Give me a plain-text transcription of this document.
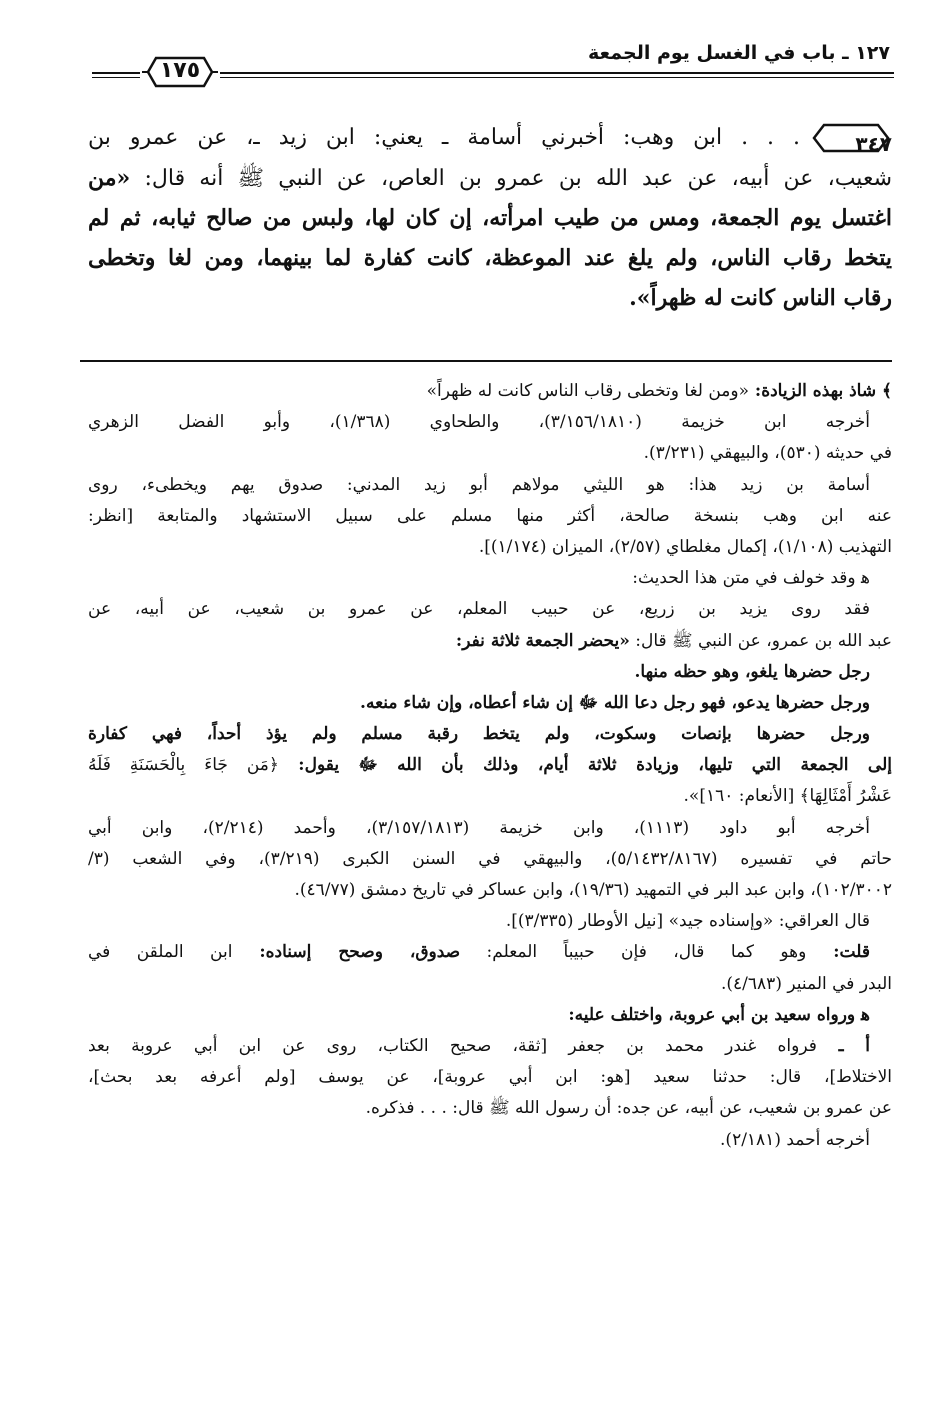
١٢٧ ـ باب في الغسل يوم الجمعة
١٧٥
٣٤٧
. . . ابن وهب: أخبرني أسامة ـ يعني: ابن زيد ـ، عن عمرو بن
شعيب، عن أبيه، عن عبد الله بن عمرو بن العاص، عن النبي ﷺ أنه قال: «من
اغتسل يوم الجمعة، ومس من طيب امرأته، إن كان لها، ولبس من صالح ثيابه، ثم لم
يتخط رقاب الناس، ولم يلغ عند الموعظة، كانت كفارة لما بينهما، ومن لغا وتخطى
رقاب الناس كانت له ظهراً».
﴾ شاذ بهذه الزيادة: «ومن لغا وتخطى رقاب الناس كانت له ظهراً»
أخرجه ابن خزيمة (٣/١٥٦/١٨١٠)، والطحاوي (١/٣٦٨)، وأبو الفضل الزهري
في حديثه (٥٣٠)، والبيهقي (٣/٢٣١).
أسامة بن زيد هذا: هو الليثي مولاهم أبو زيد المدني: صدوق يهم ويخطىء، روى
عنه ابن وهب بنسخة صالحة، أكثر منها مسلم على سبيل الاستشهاد والمتابعة [انظر:
التهذيب (١/١٠٨)، إكمال مغلطاي (٢/٥٧)، الميزان (١/١٧٤)].
ﻫ وقد خولف في متن هذا الحديث:
فقد روى يزيد بن زريع، عن حبيب المعلم، عن عمرو بن شعيب، عن أبيه، عن
عبد الله بن عمرو، عن النبي ﷺ قال: «يحضر الجمعة ثلاثة نفر:
رجل حضرها يلغو، وهو حظه منها.
ورجل حضرها يدعو، فهو رجل دعا الله ﷻ إن شاء أعطاه، وإن شاء منعه.
ورجل حضرها بإنصات وسكوت، ولم يتخط رقبة مسلم ولم يؤذ أحداً، فهي كفارة
إلى الجمعة التي تليها، وزيادة ثلاثة أيام، وذلك بأن الله ﷻ يقول: ﴿مَن جَاءَ بِالْحَسَنَةِ فَلَهُ
عَشْرُ أَمْثَالِهَا﴾ [الأنعام: ١٦٠]».
أخرجه أبو داود (١١١٣)، وابن خزيمة (٣/١٥٧/١٨١٣)، وأحمد (٢/٢١٤)، وابن أبي
حاتم في تفسيره (٥/١٤٣٢/٨١٦٧)، والبيهقي في السنن الكبرى (٣/٢١٩)، وفي الشعب (٣/
١٠٢/٣٠٠٢)، وابن عبد البر في التمهيد (١٩/٣٦)، وابن عساكر في تاريخ دمشق (٤٦/٧٧).
قال العراقي: «وإسناده جيد» [نيل الأوطار (٣/٣٣٥)].
قلت: وهو كما قال، فإن حبيباً المعلم: صدوق، وصحح إسناده: ابن الملقن في
البدر في المنير (٤/٦٨٣).
ﻫ ورواه سعيد بن أبي عروبة، واختلف عليه:
أ ـ فرواه غندر محمد بن جعفر [ثقة، صحيح الكتاب، روى عن ابن أبي عروبة بعد
الاختلاط]، قال: حدثنا سعيد [هو: ابن أبي عروبة]، عن يوسف [ولم أعرفه بعد بحث]،
عن عمرو بن شعيب، عن أبيه، عن جده: أن رسول الله ﷺ قال: . . . فذكره.
أخرجه أحمد (٢/١٨١).
